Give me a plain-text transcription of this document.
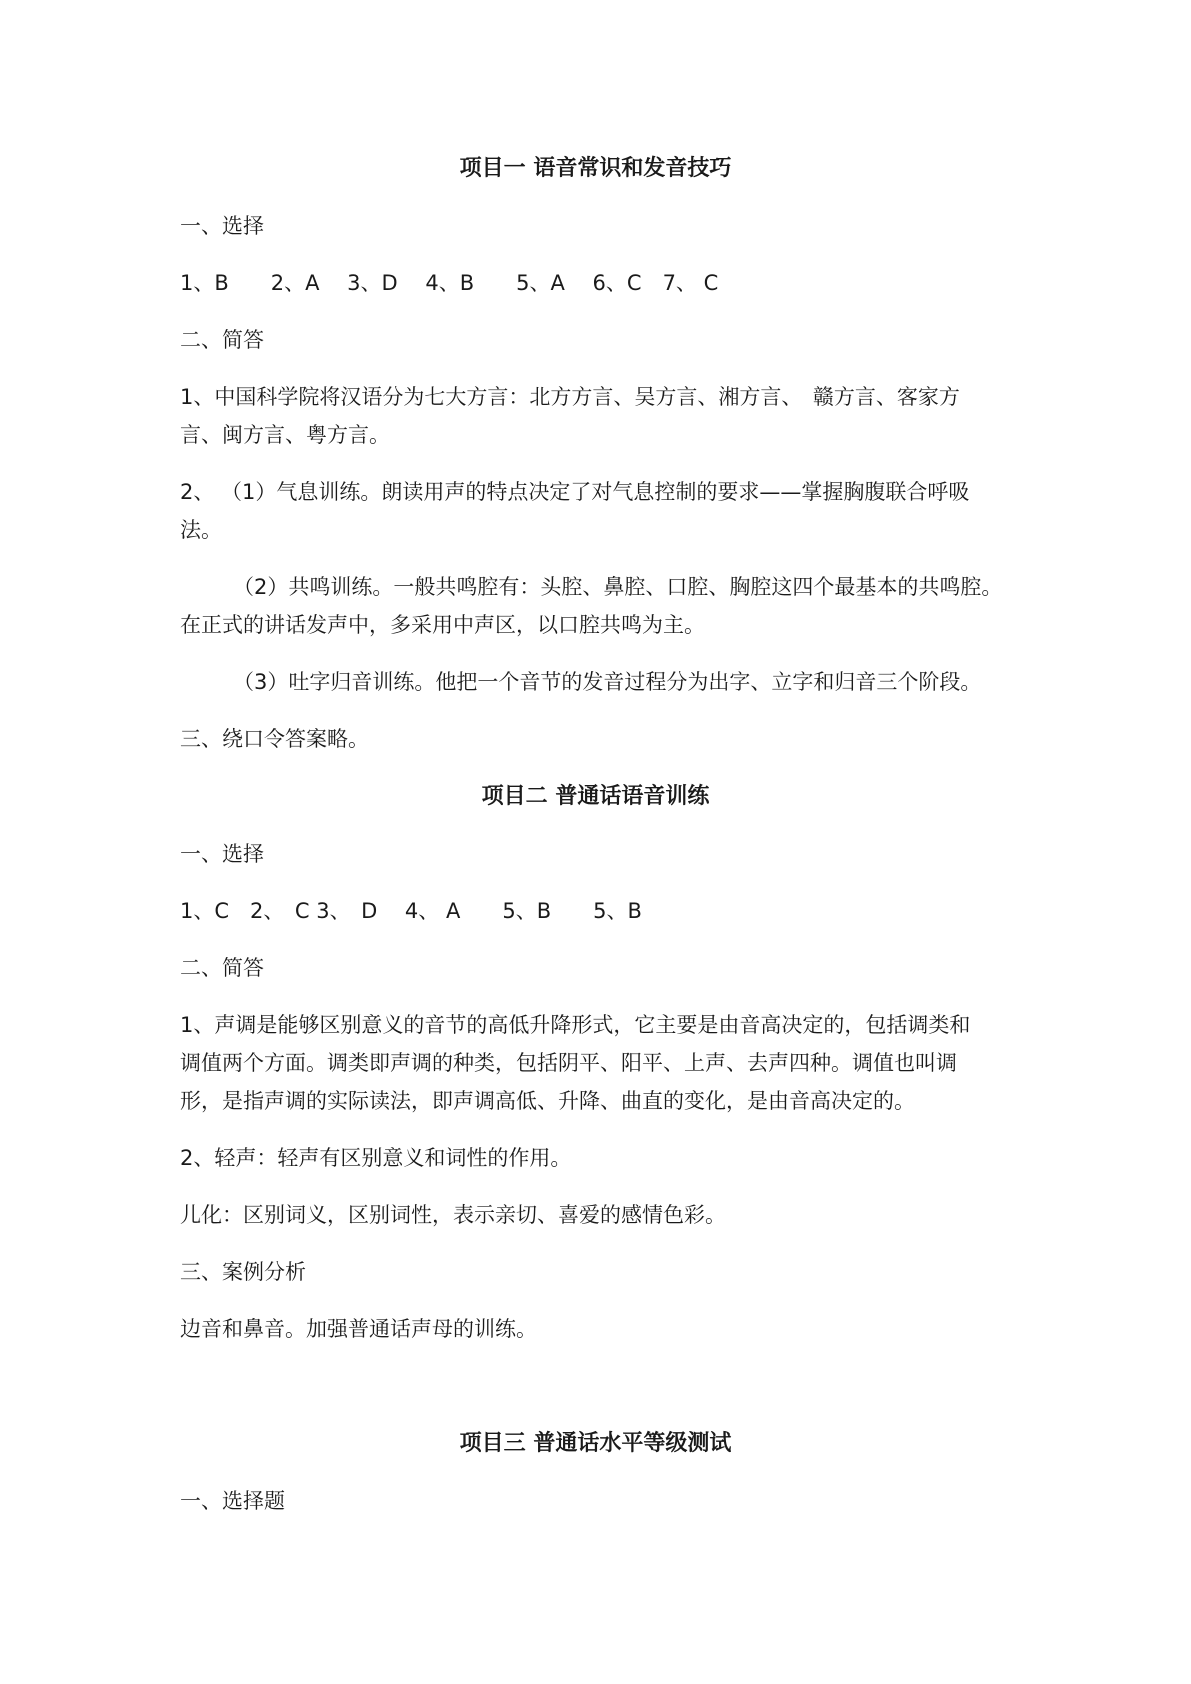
项目一 语音常识和发音技巧
一、选择
1、B　　2、A　 3、D　 4、B　　5、A　 6、C　7、 C
二、简答
1、中国科学院将汉语分为七大方言：北方方言、吴方言、湘方言、　赣方言、客家方
言、闽方言、粤方言。
2、 （1）气息训练。朗读用声的特点决定了对气息控制的要求——掌握胸腹联合呼吸
法。
（2）共鸣训练。一般共鸣腔有：头腔、鼻腔、口腔、胸腔这四个最基本的共鸣腔。
在正式的讲话发声中，多采用中声区，以口腔共鸣为主。
（3）吐字归音训练。他把一个音节的发音过程分为出字、立字和归音三个阶段。
三、绕口令答案略。
项目二 普通话语音训练
一、选择
1、C　2、　C 3、　D　 4、 A　　5、B　　5、B
二、简答
1、声调是能够区别意义的音节的高低升降形式，它主要是由音高决定的，包括调类和
调值两个方面。调类即声调的种类，包括阴平、阳平、上声、去声四种。调值也叫调
形，是指声调的实际读法，即声调高低、升降、曲直的变化，是由音高决定的。
2、轻声：轻声有区别意义和词性的作用。
儿化：区别词义，区别词性，表示亲切、喜爱的感情色彩。
三、案例分析
边音和鼻音。加强普通话声母的训练。
项目三 普通话水平等级测试
一、选择题
